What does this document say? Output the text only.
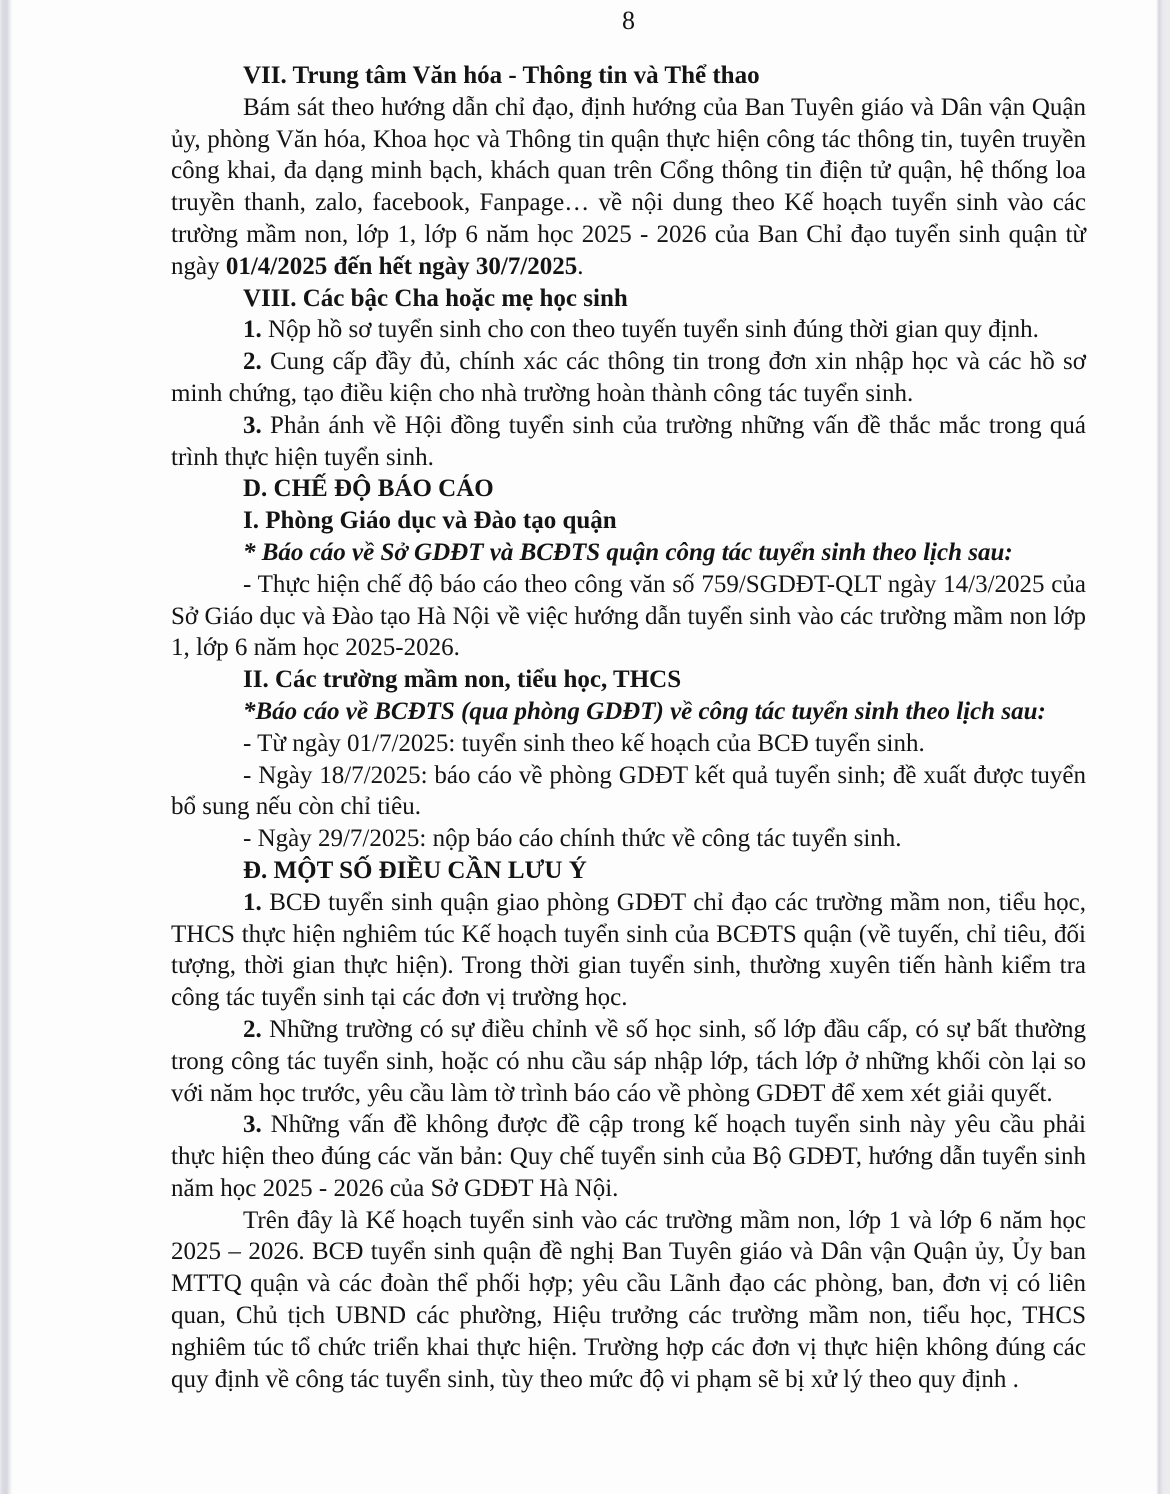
8

VII. Trung tâm Văn hóa - Thông tin và Thể thao

Bám sát theo hướng dẫn chỉ đạo, định hướng của Ban Tuyên giáo và Dân vận Quận ủy, phòng Văn hóa, Khoa học và Thông tin quận thực hiện công tác thông tin, tuyên truyền công khai, đa dạng minh bạch, khách quan trên Cổng thông tin điện tử quận, hệ thống loa truyền thanh, zalo, facebook, Fanpage… về nội dung theo Kế hoạch tuyển sinh vào các trường mầm non, lớp 1, lớp 6 năm học 2025 - 2026 của Ban Chỉ đạo tuyển sinh quận từ ngày 01/4/2025 đến hết ngày 30/7/2025.

VIII. Các bậc Cha hoặc mẹ học sinh

1. Nộp hồ sơ tuyển sinh cho con theo tuyến tuyển sinh đúng thời gian quy định.

2. Cung cấp đầy đủ, chính xác các thông tin trong đơn xin nhập học và các hồ sơ minh chứng, tạo điều kiện cho nhà trường hoàn thành công tác tuyển sinh.

3. Phản ánh về Hội đồng tuyển sinh của trường những vấn đề thắc mắc trong quá trình thực hiện tuyển sinh.

D. CHẾ ĐỘ BÁO CÁO

I. Phòng Giáo dục và Đào tạo quận

* Báo cáo về Sở GDĐT và BCĐTS quận công tác tuyển sinh theo lịch sau:

- Thực hiện chế độ báo cáo theo công văn số 759/SGDĐT-QLT ngày 14/3/2025 của Sở Giáo dục và Đào tạo Hà Nội về việc hướng dẫn tuyển sinh vào các trường mầm non lớp 1, lớp 6 năm học 2025-2026.

II. Các trường mầm non, tiểu học, THCS

*Báo cáo về BCĐTS (qua phòng GDĐT) về công tác tuyển sinh theo lịch sau:

- Từ ngày 01/7/2025: tuyển sinh theo kế hoạch của BCĐ tuyển sinh.

- Ngày 18/7/2025: báo cáo về phòng GDĐT kết quả tuyển sinh; đề xuất được tuyển bổ sung nếu còn chỉ tiêu.

- Ngày 29/7/2025: nộp báo cáo chính thức về công tác tuyển sinh.

Đ. MỘT SỐ ĐIỀU CẦN LƯU Ý

1. BCĐ tuyển sinh quận giao phòng GDĐT chỉ đạo các trường mầm non, tiểu học, THCS thực hiện nghiêm túc Kế hoạch tuyển sinh của BCĐTS quận (về tuyến, chỉ tiêu, đối tượng, thời gian thực hiện). Trong thời gian tuyển sinh, thường xuyên tiến hành kiểm tra công tác tuyển sinh tại các đơn vị trường học.

2. Những trường có sự điều chỉnh về số học sinh, số lớp đầu cấp, có sự bất thường trong công tác tuyển sinh, hoặc có nhu cầu sáp nhập lớp, tách lớp ở những khối còn lại so với năm học trước, yêu cầu làm tờ trình báo cáo về phòng GDĐT để xem xét giải quyết.

3. Những vấn đề không được đề cập trong kế hoạch tuyển sinh này yêu cầu phải thực hiện theo đúng các văn bản: Quy chế tuyển sinh của Bộ GDĐT, hướng dẫn tuyển sinh năm học 2025 - 2026 của Sở GDĐT Hà Nội.

Trên đây là Kế hoạch tuyển sinh vào các trường mầm non, lớp 1 và lớp 6 năm học 2025 – 2026. BCĐ tuyển sinh quận đề nghị Ban Tuyên giáo và Dân vận Quận ủy, Ủy ban MTTQ quận và các đoàn thể phối hợp; yêu cầu Lãnh đạo các phòng, ban, đơn vị có liên quan, Chủ tịch UBND các phường, Hiệu trưởng các trường mầm non, tiểu học, THCS nghiêm túc tổ chức triển khai thực hiện. Trường hợp các đơn vị thực hiện không đúng các quy định về công tác tuyển sinh, tùy theo mức độ vi phạm sẽ bị xử lý theo quy định .
